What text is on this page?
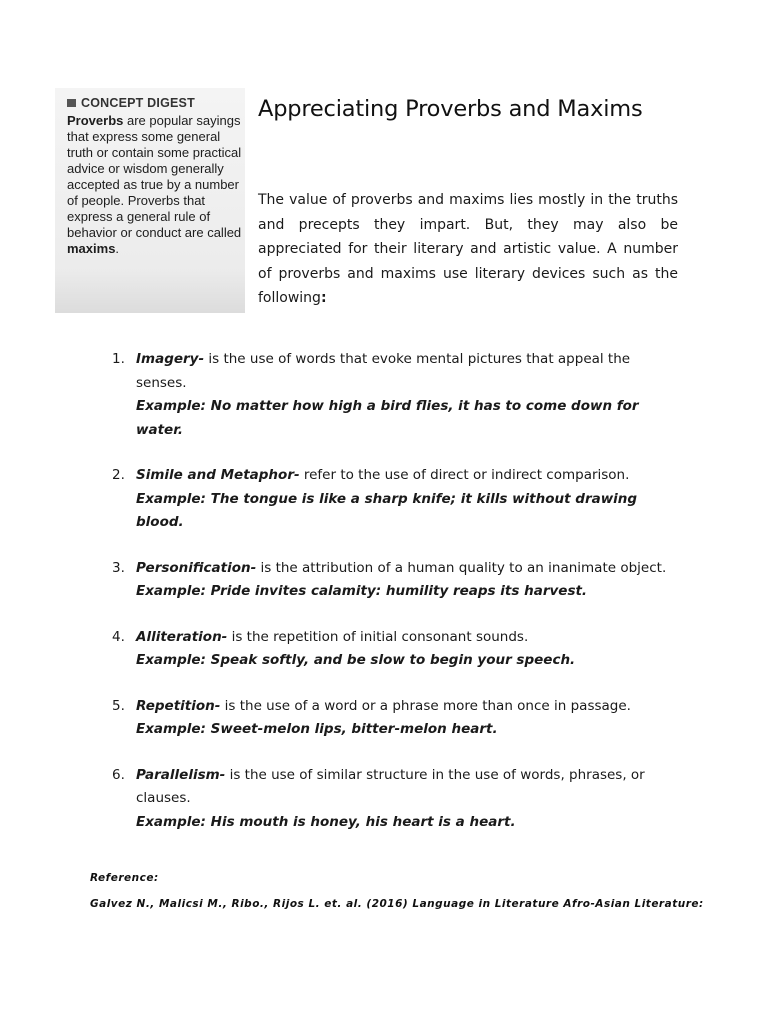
CONCEPT DIGEST
Proverbs are popular sayings that express some general truth or contain some practical advice or wisdom generally accepted as true by a number of people. Proverbs that express a general rule of behavior or conduct are called maxims.
Appreciating Proverbs and Maxims

The value of proverbs and maxims lies mostly in the truths and precepts they impart. But, they may also be appreciated for their literary and artistic value. A number of proverbs and maxims use literary devices such as the following:

1. Imagery- is the use of words that evoke mental pictures that appeal the senses.
Example: No matter how high a bird flies, it has to come down for water.
2. Simile and Metaphor- refer to the use of direct or indirect comparison.
Example: The tongue is like a sharp knife; it kills without drawing blood.
3. Personification- is the attribution of a human quality to an inanimate object.
Example: Pride invites calamity: humility reaps its harvest.
4. Alliteration- is the repetition of initial consonant sounds.
Example: Speak softly, and be slow to begin your speech.
5. Repetition- is the use of a word or a phrase more than once in passage.
Example: Sweet-melon lips, bitter-melon heart.
6. Parallelism- is the use of similar structure in the use of words, phrases, or clauses.
Example: His mouth is honey, his heart is a heart.
Reference:
Galvez N., Malicsi M., Ribo., Rijos L. et. al. (2016) Language in Literature Afro-Asian Literature:
